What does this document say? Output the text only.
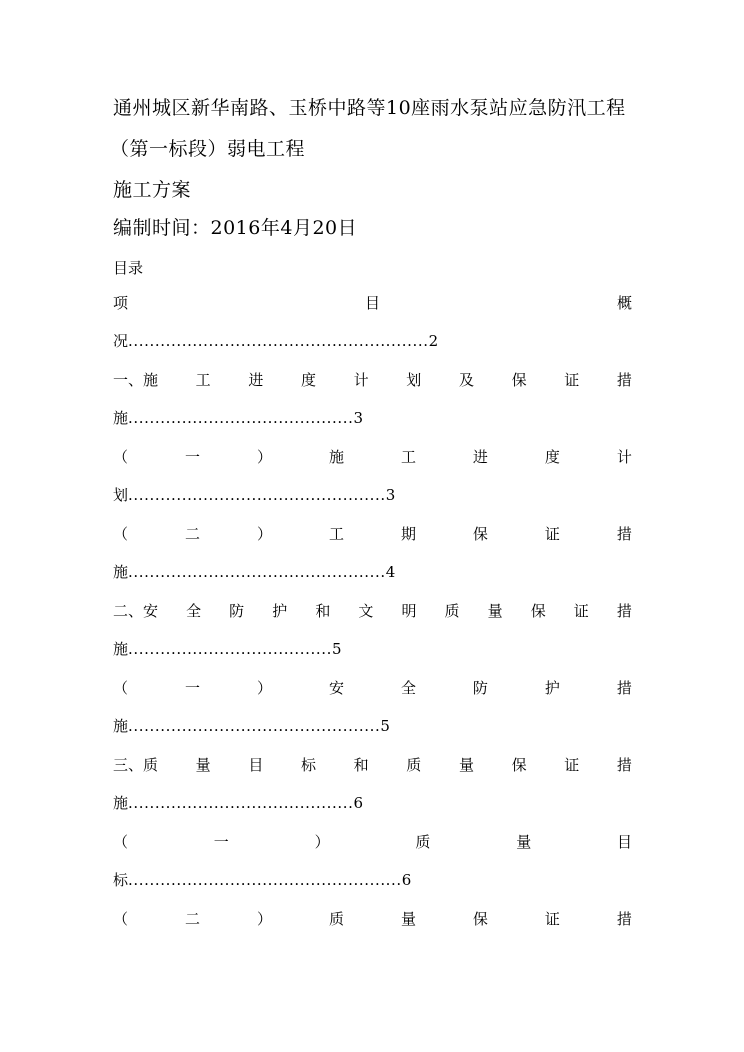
通州城区新华南路、玉桥中路等10座雨水泵站应急防汛工程
（第一标段）弱电工程
施工方案
编制时间：2016年4月20日
目录
项	目	概
况........................................................2
一、施	工	进	度	计	划	及	保	证	措
施..........................................3
（	一	）	施	工	进	度	计
划................................................3
（	二	）	工	期	保	证	措
施................................................4
二、安 全 防 护 和 文 明 质 量 保 证 措
施......................................5
（	一	）	安	全	防	护	措
施...............................................5
三、质	量	目	标	和	质	量	保	证	措
施..........................................6
（	一	）	质	量	目
标...................................................6
（	二	）	质	量	保	证	措
